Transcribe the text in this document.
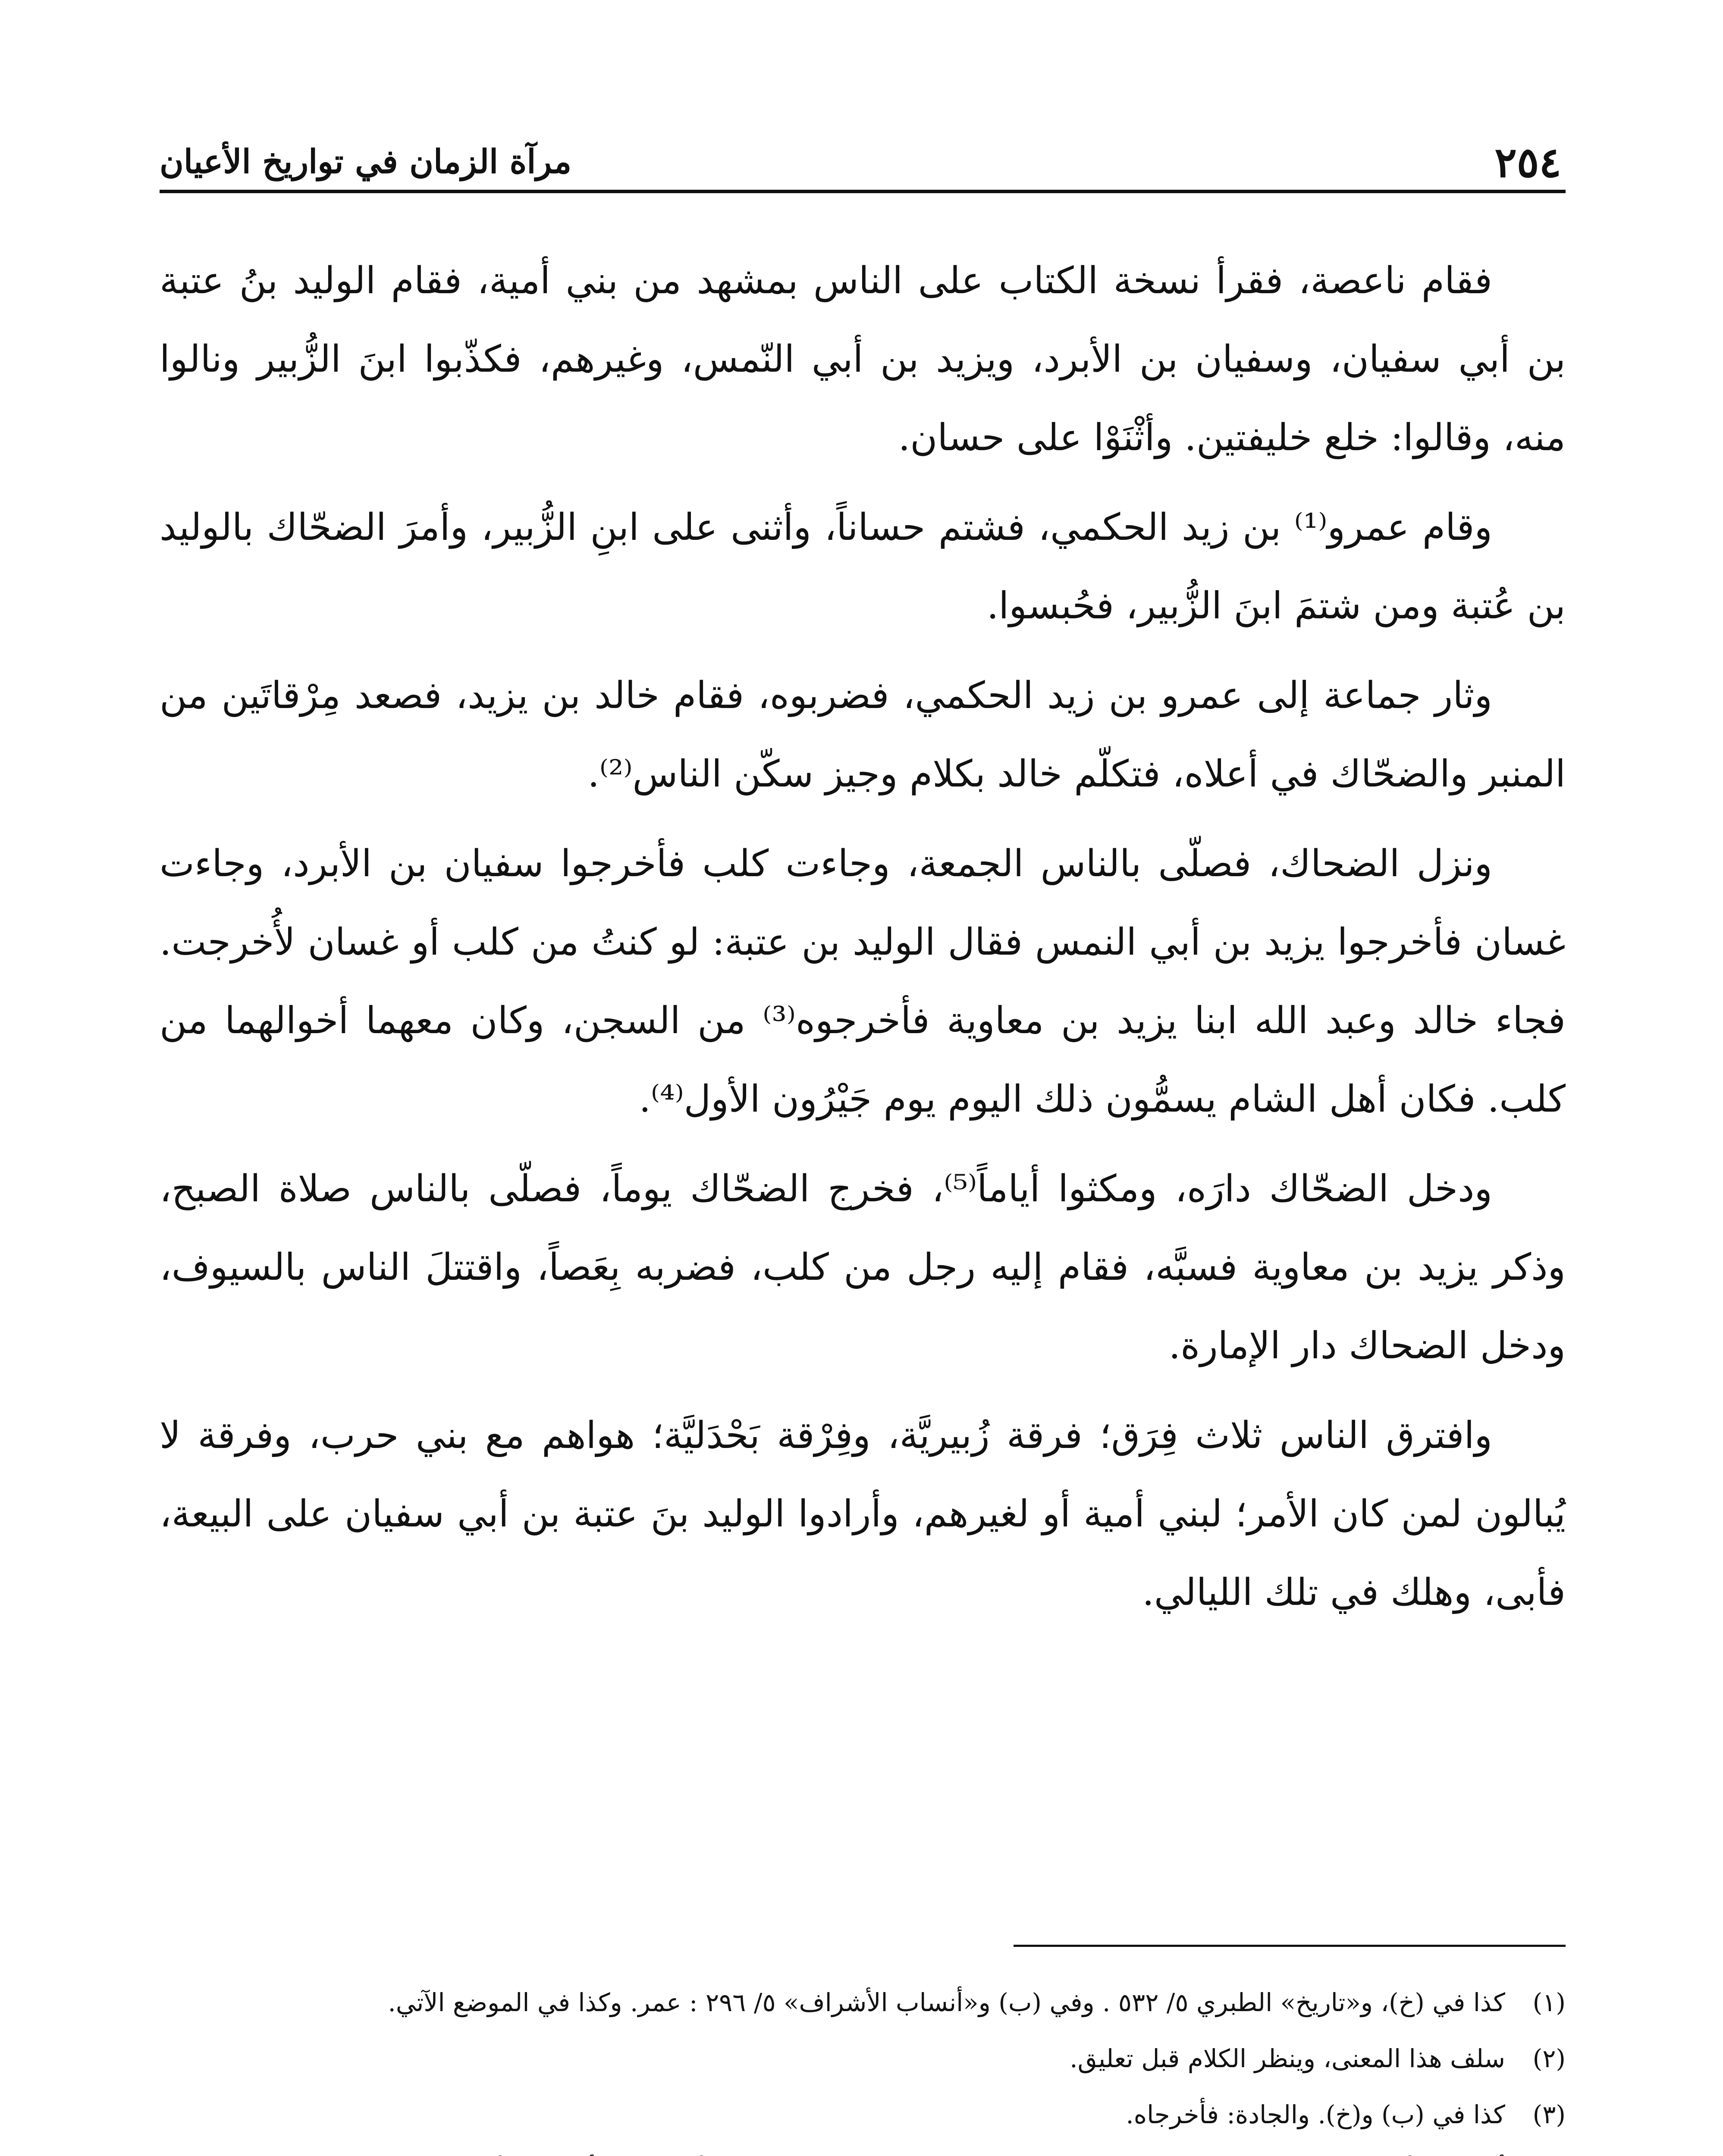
٢٥٤
مرآة الزمان في تواريخ الأعيان

فقام ناعصة، فقرأ نسخة الكتاب على الناس بمشهد من بني أمية، فقام الوليد بنُ عتبة بن أبي سفيان، وسفيان بن الأبرد، ويزيد بن أبي النّمس، وغيرهم، فكذّبوا ابنَ الزُّبير ونالوا منه، وقالوا: خلع خليفتين. وأثْنَوْا على حسان.

وقام عمرو⁽¹⁾ بن زيد الحكمي، فشتم حساناً، وأثنى على ابنِ الزُّبير، وأمرَ الضحّاك بالوليد بن عُتبة ومن شتمَ ابنَ الزُّبير، فحُبسوا.

وثار جماعة إلى عمرو بن زيد الحكمي، فضربوه، فقام خالد بن يزيد، فصعد مِرْقاتَين من المنبر والضحّاك في أعلاه، فتكلّم خالد بكلام وجيز سكّن الناس⁽²⁾.

ونزل الضحاك، فصلّى بالناس الجمعة، وجاءت كلب فأخرجوا سفيان بن الأبرد، وجاءت غسان فأخرجوا يزيد بن أبي النمس فقال الوليد بن عتبة: لو كنتُ من كلب أو غسان لأُخرجت. فجاء خالد وعبد الله ابنا يزيد بن معاوية فأخرجوه⁽³⁾ من السجن، وكان معهما أخوالهما من كلب. فكان أهل الشام يسمُّون ذلك اليوم يوم جَيْرُون الأول⁽⁴⁾.

ودخل الضحّاك دارَه، ومكثوا أياماً⁽⁵⁾، فخرج الضحّاك يوماً، فصلّى بالناس صلاة الصبح، وذكر يزيد بن معاوية فسبَّه، فقام إليه رجل من كلب، فضربه بِعَصاً، واقتتلَ الناس بالسيوف، ودخل الضحاك دار الإمارة.

وافترق الناس ثلاث فِرَق؛ فرقة زُبيريَّة، وفِرْقة بَحْدَليَّة؛ هواهم مع بني حرب، وفرقة لا يُبالون لمن كان الأمر؛ لبني أمية أو لغيرهم، وأرادوا الوليد بنَ عتبة بن أبي سفيان على البيعة، فأبى، وهلك في تلك الليالي.

(١)
كذا في (خ)، و«تاريخ» الطبري ٥/ ٥٣٢ . وفي (ب) و«أنساب الأشراف» ٥/ ٢٩٦ : عمر. وكذا في الموضع الآتي.
(٢)
سلف هذا المعنى، وينظر الكلام قبل تعليق.
(٣)
كذا في (ب) و(خ). والجادة: فأخرجاه.
